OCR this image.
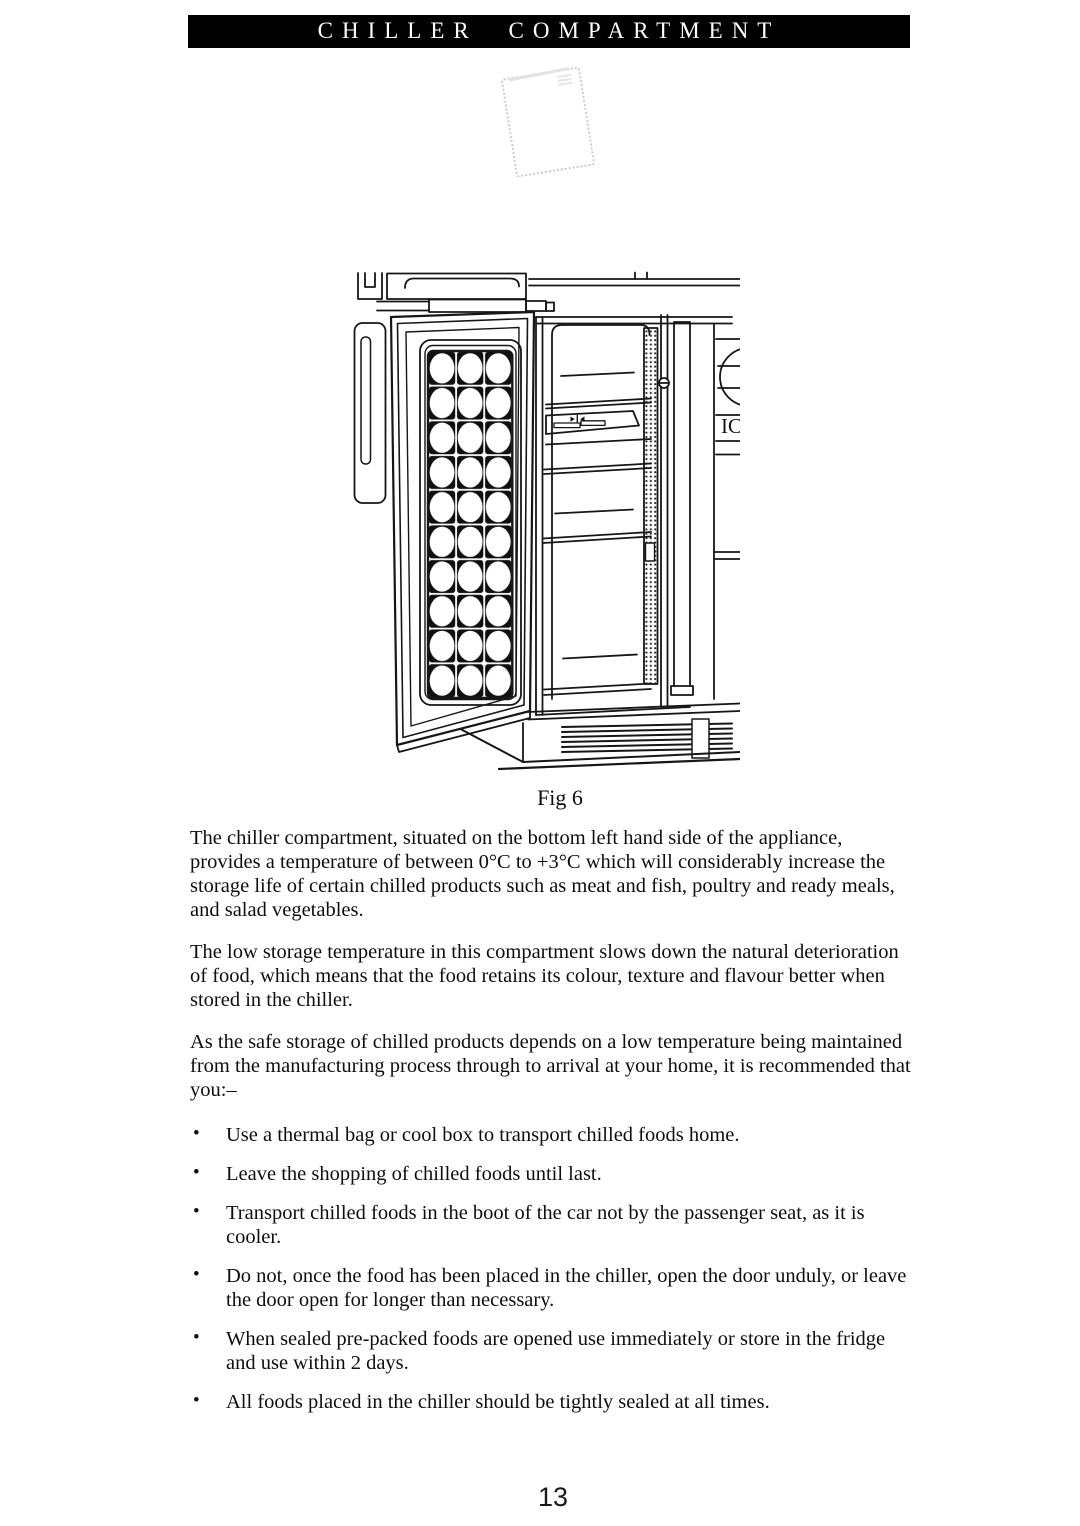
CHILLER COMPARTMENT
IC
Fig 6

The chiller compartment, situated on the bottom left hand side of the appliance, provides a temperature of between 0°C to +3°C which will considerably increase the storage life of certain chilled products such as meat and fish, poultry and ready meals, and salad vegetables.

The low storage temperature in this compartment slows down the natural deterioration of food, which means that the food retains its colour, texture and flavour better when stored in the chiller.

As the safe storage of chilled products depends on a low temperature being maintained from the manufacturing process through to arrival at your home, it is recommended that you:–

• Use a thermal bag or cool box to transport chilled foods home.
• Leave the shopping of chilled foods until last.
• Transport chilled foods in the boot of the car not by the passenger seat, as it is cooler.
• Do not, once the food has been placed in the chiller, open the door unduly, or leave the door open for longer than necessary.
• When sealed pre-packed foods are opened use immediately or store in the fridge and use within 2 days.
• All foods placed in the chiller should be tightly sealed at all times.
13
